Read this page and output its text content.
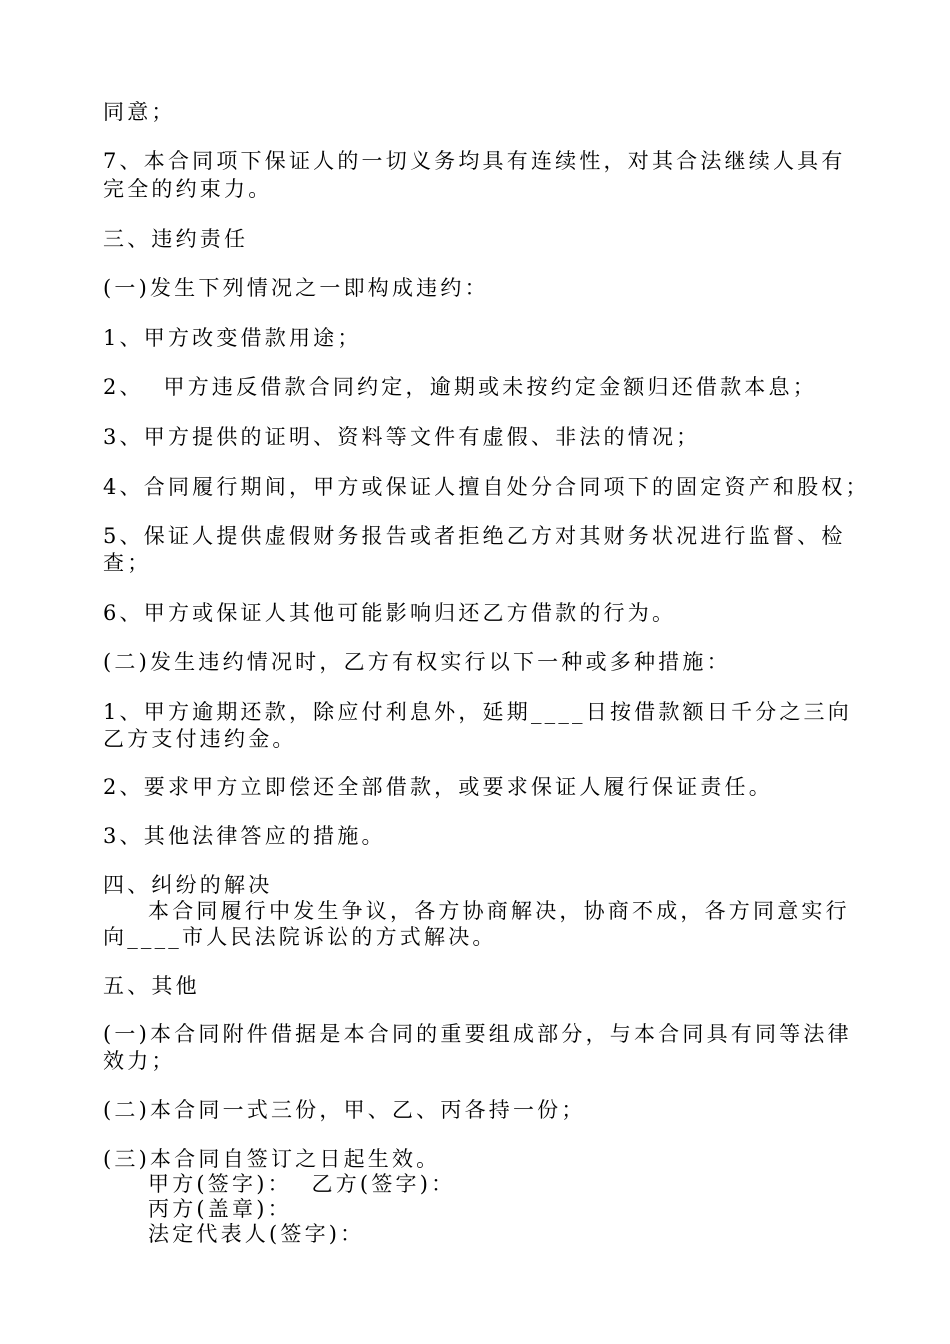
同意；
7、本合同项下保证人的一切义务均具有连续性，对其合法继续人具有
完全的约束力。
三、违约责任
(一)发生下列情况之一即构成违约：
1、甲方改变借款用途；
2、  甲方违反借款合同约定，逾期或未按约定金额归还借款本息；
3、甲方提供的证明、资料等文件有虚假、非法的情况；
4、合同履行期间，甲方或保证人擅自处分合同项下的固定资产和股权；
5、保证人提供虚假财务报告或者拒绝乙方对其财务状况进行监督、检
查；
6、甲方或保证人其他可能影响归还乙方借款的行为。
(二)发生违约情况时，乙方有权实行以下一种或多种措施：
1、甲方逾期还款，除应付利息外，延期____日按借款额日千分之三向
乙方支付违约金。
2、要求甲方立即偿还全部借款，或要求保证人履行保证责任。
3、其他法律答应的措施。
四、纠纷的解决
本合同履行中发生争议，各方协商解决，协商不成，各方同意实行
向____市人民法院诉讼的方式解决。
五、其他
(一)本合同附件借据是本合同的重要组成部分，与本合同具有同等法律
效力；
(二)本合同一式三份，甲、乙、丙各持一份；
(三)本合同自签订之日起生效。
甲方(签字)：  乙方(签字)：
丙方(盖章)：
法定代表人(签字)：
